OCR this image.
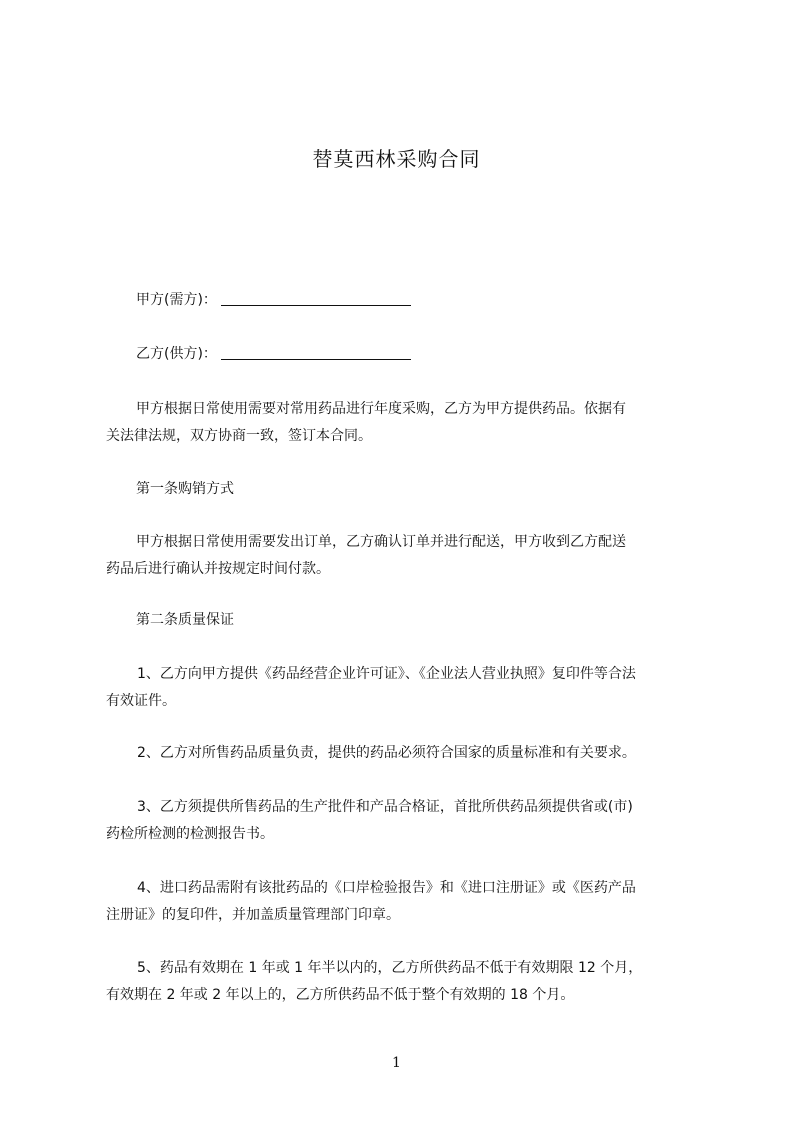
替莫西林采购合同
甲方(需方)：
乙方(供方)：
甲方根据日常使用需要对常用药品进行年度采购，乙方为甲方提供药品。依据有
关法律法规，双方协商一致，签订本合同。
第一条购销方式
甲方根据日常使用需要发出订单，乙方确认订单并进行配送，甲方收到乙方配送
药品后进行确认并按规定时间付款。
第二条质量保证
1、乙方向甲方提供《药品经营企业许可证》、《企业法人营业执照》复印件等合法
有效证件。
2、乙方对所售药品质量负责，提供的药品必须符合国家的质量标准和有关要求。
3、乙方须提供所售药品的生产批件和产品合格证，首批所供药品须提供省或(市)
药检所检测的检测报告书。
4、进口药品需附有该批药品的《口岸检验报告》和《进口注册证》或《医药产品
注册证》的复印件，并加盖质量管理部门印章。
5、药品有效期在 1 年或 1 年半以内的，乙方所供药品不低于有效期限 12 个月，
有效期在 2 年或 2 年以上的，乙方所供药品不低于整个有效期的 18 个月。
1
